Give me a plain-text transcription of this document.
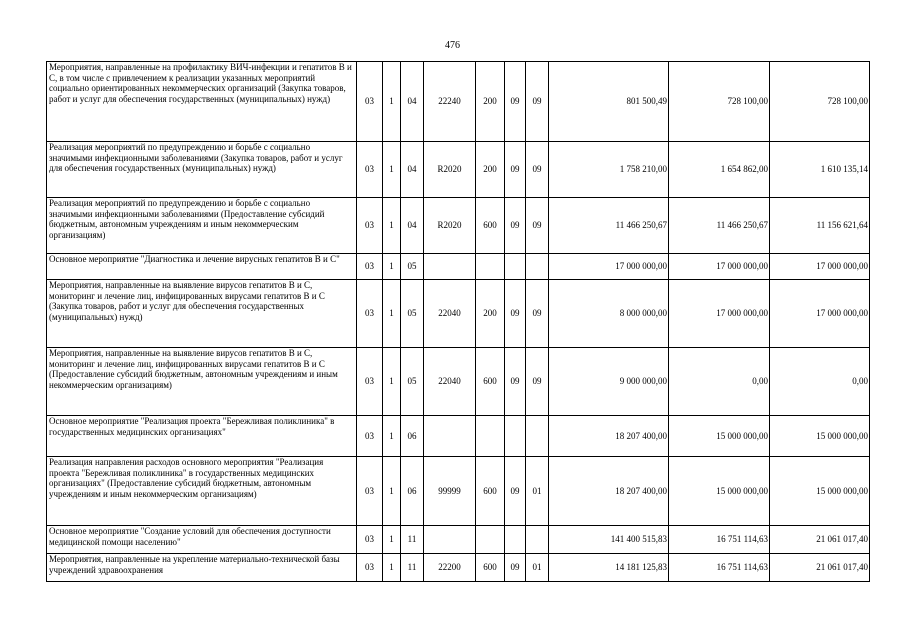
476
Мероприятия, направленные на профилактику ВИЧ-инфекции и гепатитов В и С, в том числе с привлечением к реализации указанных мероприятий социально ориентированных некоммерческих организаций (Закупка товаров, работ и услуг для обеспечения государственных (муниципальных) нужд)	03	1	04	22240	200	09	09	801 500,49	728 100,00	728 100,00
Реализация мероприятий по предупреждению и борьбе с социально значимыми инфекционными заболеваниями (Закупка товаров, работ и услуг для обеспечения государственных (муниципальных) нужд)	03	1	04	R2020	200	09	09	1 758 210,00	1 654 862,00	1 610 135,14
Реализация мероприятий по предупреждению и борьбе с социально значимыми инфекционными заболеваниями (Предоставление субсидий бюджетным, автономным учреждениям и иным некоммерческим организациям)	03	1	04	R2020	600	09	09	11 466 250,67	11 466 250,67	11 156 621,64
Основное мероприятие "Диагностика и лечение вирусных гепатитов В и С"	03	1	05					17 000 000,00	17 000 000,00	17 000 000,00
Мероприятия, направленные на выявление вирусов гепатитов В и С, мониторинг и лечение лиц, инфицированных вирусами гепатитов В и С (Закупка товаров, работ и услуг для обеспечения государственных (муниципальных) нужд)	03	1	05	22040	200	09	09	8 000 000,00	17 000 000,00	17 000 000,00
Мероприятия, направленные на выявление вирусов гепатитов В и С, мониторинг и лечение лиц, инфицированных вирусами гепатитов В и С (Предоставление субсидий бюджетным, автономным учреждениям и иным некоммерческим организациям)	03	1	05	22040	600	09	09	9 000 000,00	0,00	0,00
Основное мероприятие "Реализация проекта "Бережливая поликлиника" в государственных медицинских организациях"	03	1	06					18 207 400,00	15 000 000,00	15 000 000,00
Реализация направления расходов основного мероприятия "Реализация проекта "Бережливая поликлиника" в государственных медицинских организациях" (Предоставление субсидий бюджетным, автономным учреждениям и иным некоммерческим организациям)	03	1	06	99999	600	09	01	18 207 400,00	15 000 000,00	15 000 000,00
Основное мероприятие "Создание условий для обеспечения доступности медицинской помощи населению"	03	1	11					141 400 515,83	16 751 114,63	21 061 017,40
Мероприятия, направленные на укрепление материально-технической базы учреждений здравоохранения	03	1	11	22200	600	09	01	14 181 125,83	16 751 114,63	21 061 017,40
